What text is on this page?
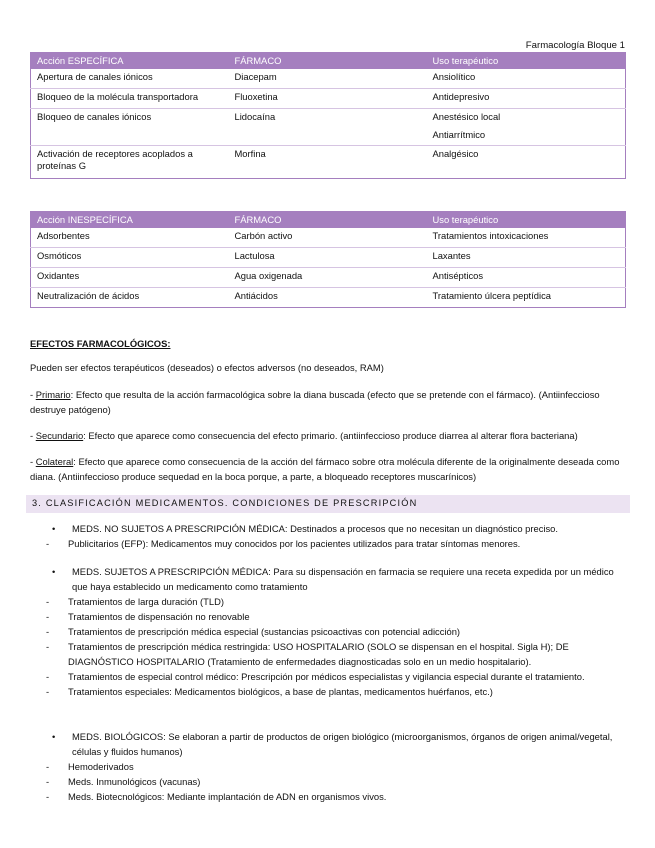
Farmacología Bloque 1
Acción ESPECÍFICA	FÁRMACO	Uso terapéutico
Apertura de canales iónicos	Diacepam	Ansiolítico
Bloqueo de la molécula transportadora	Fluoxetina	Antidepresivo
Bloqueo de canales iónicos	Lidocaína	Anestésico local
Antiarrítmico

Activación de receptores acoplados a proteínas G	Morfina	Analgésico
Acción INESPECÍFICA	FÁRMACO	Uso terapéutico
Adsorbentes	Carbón activo	Tratamientos intoxicaciones
Osmóticos	Lactulosa	Laxantes
Oxidantes	Agua oxigenada	Antisépticos
Neutralización de ácidos	Antiácidos	Tratamiento úlcera peptídica
EFECTOS FARMACOLÓGICOS:
Pueden ser efectos terapéuticos (deseados) o efectos adversos (no deseados, RAM)
- Primario: Efecto que resulta de la acción farmacológica sobre la diana buscada (efecto que se pretende con el fármaco). (Antiinfeccioso destruye patógeno)
- Secundario: Efecto que aparece como consecuencia del efecto primario. (antiinfeccioso produce diarrea al alterar flora bacteriana)
- Colateral: Efecto que aparece como consecuencia de la acción del fármaco sobre otra molécula diferente de la originalmente deseada como diana. (Antiinfeccioso produce sequedad en la boca porque, a parte, a bloqueado receptores muscarínicos)
3. CLASIFICACIÓN MEDICAMENTOS. CONDICIONES DE PRESCRIPCIÓN
• MEDS. NO SUJETOS A PRESCRIPCIÓN MÉDICA: Destinados a procesos que no necesitan un diagnóstico preciso.
- Publicitarios (EFP): Medicamentos muy conocidos por los pacientes utilizados para tratar síntomas menores.
• MEDS. SUJETOS A PRESCRIPCIÓN MÉDICA: Para su dispensación en farmacia se requiere una receta expedida por un médico que haya establecido un medicamento como tratamiento
- Tratamientos de larga duración (TLD)
- Tratamientos de dispensación no renovable
- Tratamientos de prescripción médica especial (sustancias psicoactivas con potencial adicción)
- Tratamientos de prescripción médica restringida: USO HOSPITALARIO (SOLO se dispensan en el hospital. Sigla H); DE DIAGNÓSTICO HOSPITALARIO (Tratamiento de enfermedades diagnosticadas solo en un medio hospitalario).
- Tratamientos de especial control médico: Prescripción por médicos especialistas y vigilancia especial durante el tratamiento.
- Tratamientos especiales: Medicamentos biológicos, a base de plantas, medicamentos huérfanos, etc.)
• MEDS. BIOLÓGICOS: Se elaboran a partir de productos de origen biológico (microorganismos, órganos de origen animal/vegetal, células y fluidos humanos)
- Hemoderivados
- Meds. Inmunológicos (vacunas)
- Meds. Biotecnológicos: Mediante implantación de ADN en organismos vivos.
